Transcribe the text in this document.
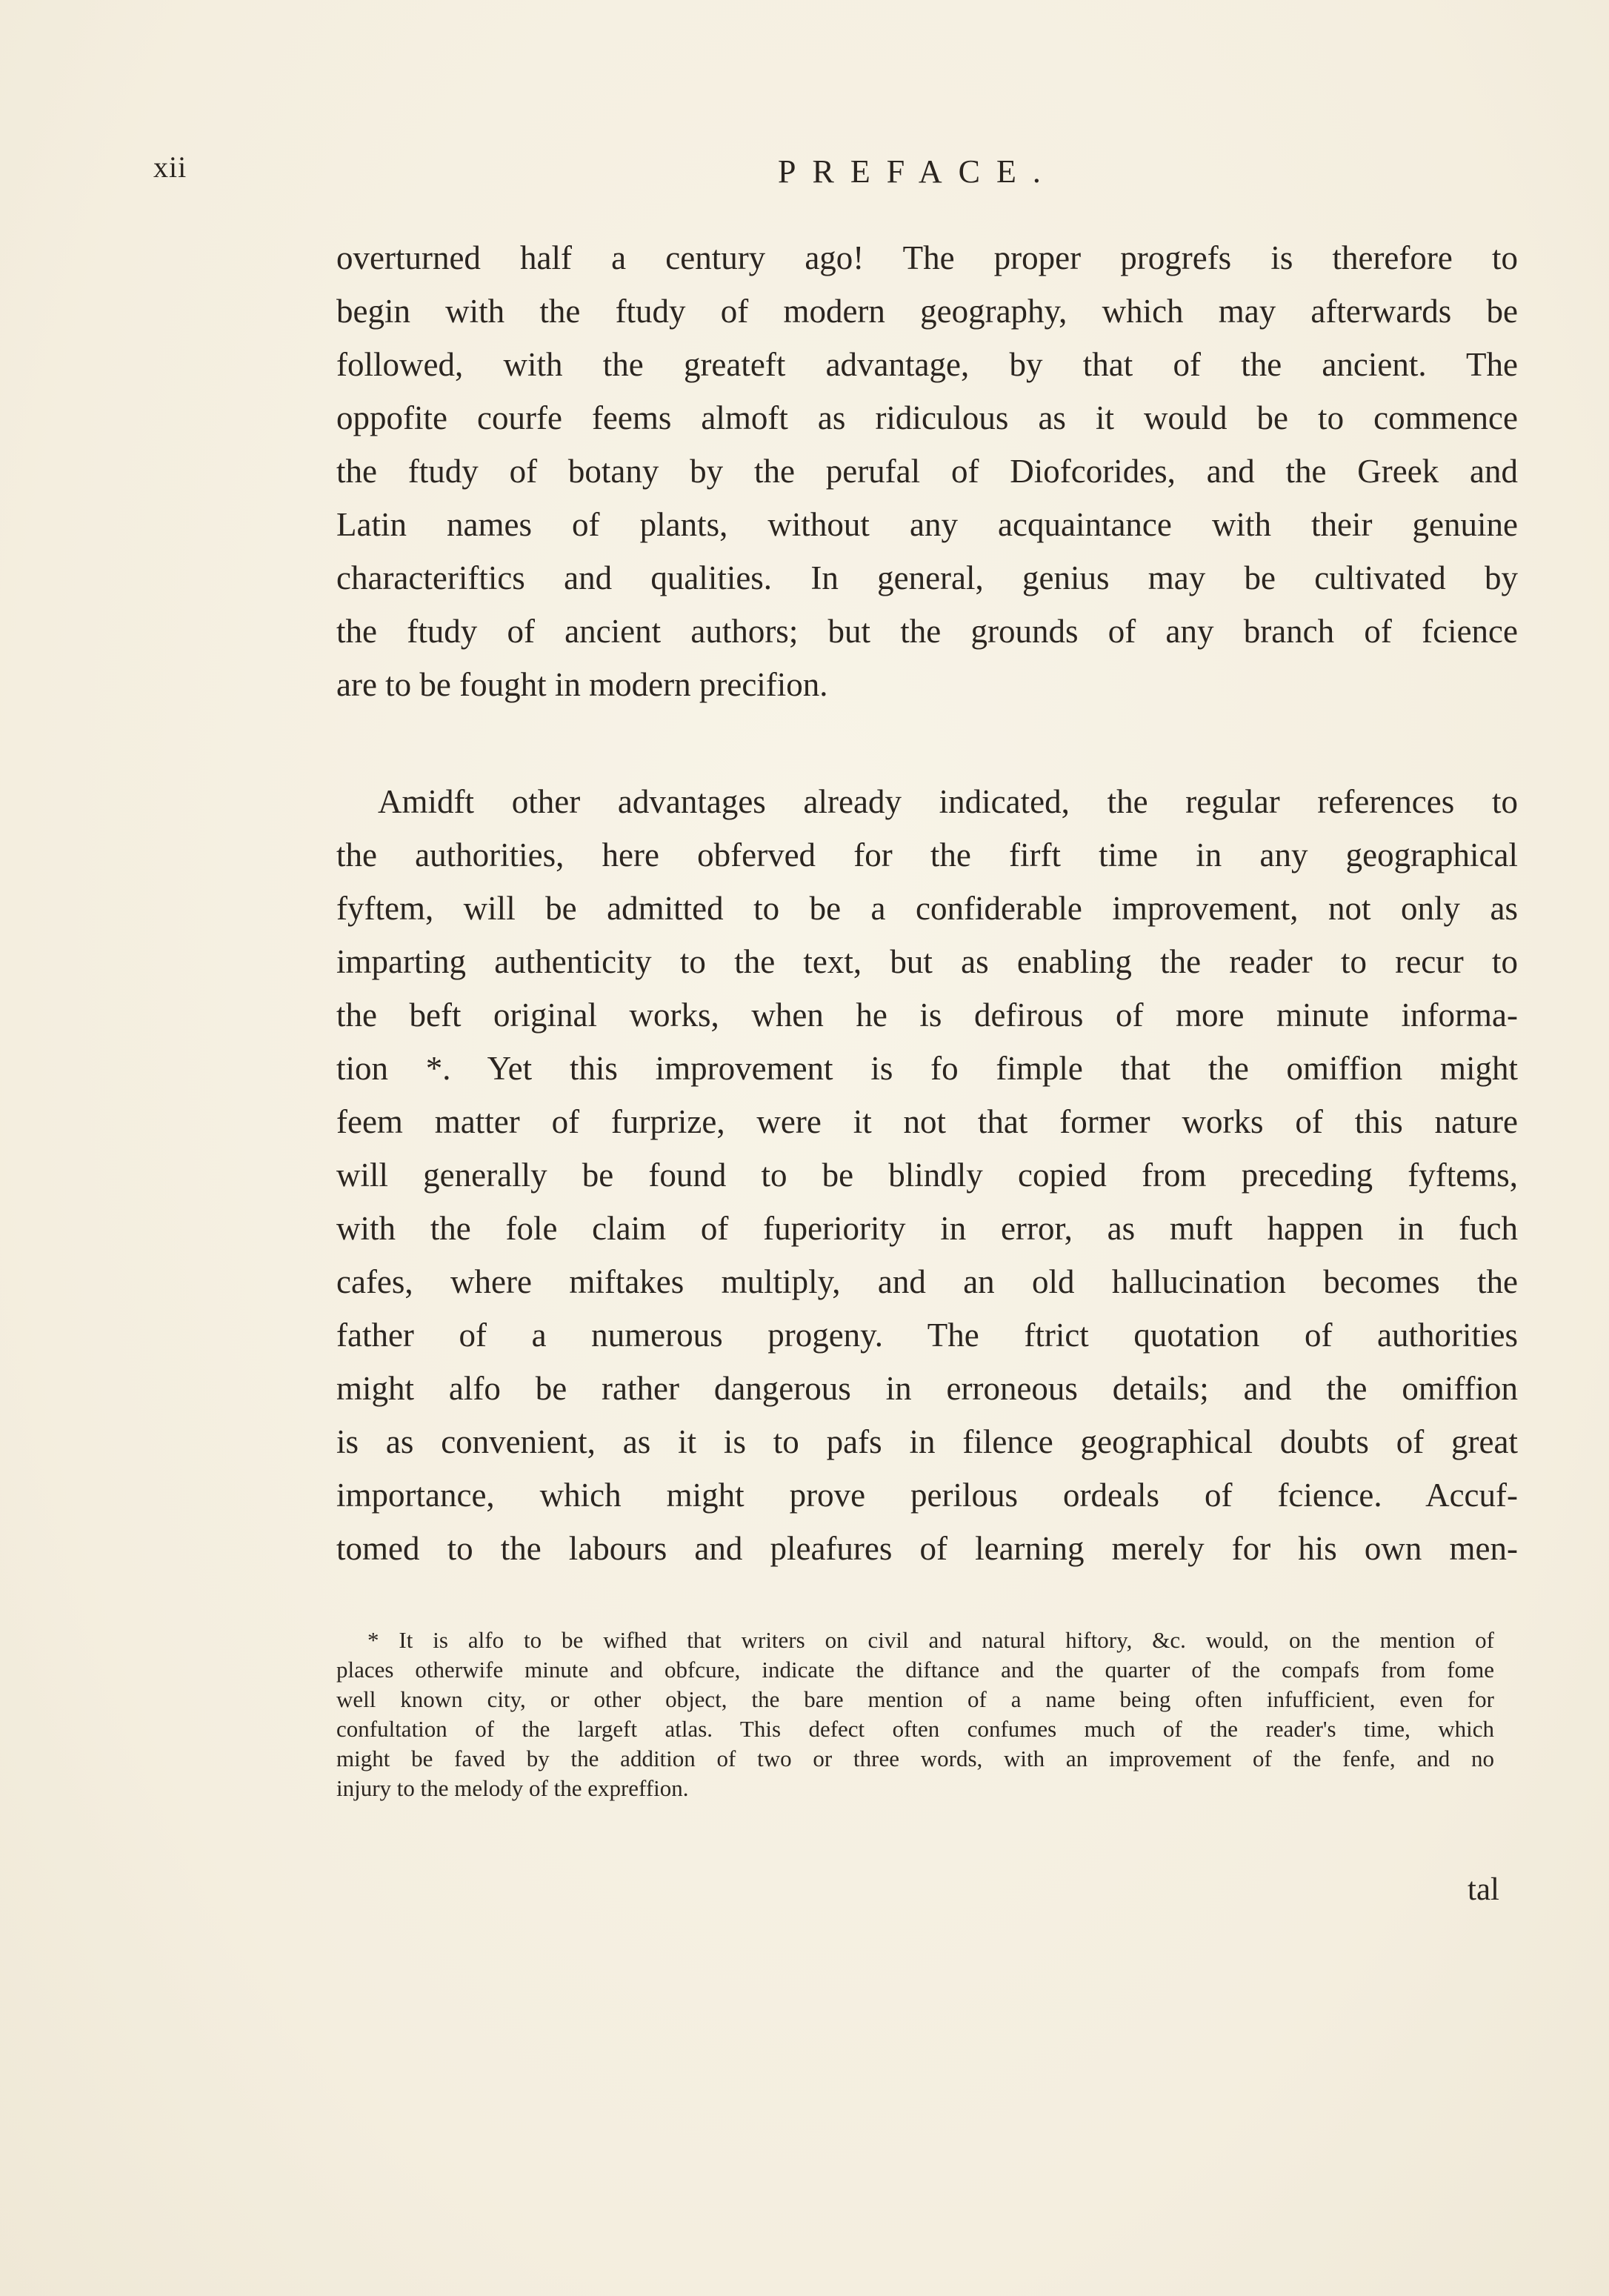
xii	PREFACE.
overturned half a century ago! The proper progrefs is therefore to
begin with the ftudy of modern geography, which may afterwards be
followed, with the greateft advantage, by that of the ancient. The
oppofite courfe feems almoft as ridiculous as it would be to commence
the ftudy of botany by the perufal of Diofcorides, and the Greek and
Latin names of plants, without any acquaintance with their genuine
characteriftics and qualities. In general, genius may be cultivated by
the ftudy of ancient authors; but the grounds of any branch of fcience
are to be fought in modern precifion.
Amidft other advantages already indicated, the regular references to
the authorities, here obferved for the firft time in any geographical
fyftem, will be admitted to be a confiderable improvement, not only as
imparting authenticity to the text, but as enabling the reader to recur to
the beft original works, when he is defirous of more minute informa-
tion *. Yet this improvement is fo fimple that the omiffion might
feem matter of furprize, were it not that former works of this nature
will generally be found to be blindly copied from preceding fyftems,
with the fole claim of fuperiority in error, as muft happen in fuch
cafes, where miftakes multiply, and an old hallucination becomes the
father of a numerous progeny. The ftrict quotation of authorities
might alfo be rather dangerous in erroneous details; and the omiffion
is as convenient, as it is to pafs in filence geographical doubts of great
importance, which might prove perilous ordeals of fcience. Accuf-
tomed to the labours and pleafures of learning merely for his own men-
* It is alfo to be wifhed that writers on civil and natural hiftory, &c. would, on the mention of
places otherwife minute and obfcure, indicate the diftance and the quarter of the compafs from fome
well known city, or other object, the bare mention of a name being often infufficient, even for
confultation of the largeft atlas. This defect often confumes much of the reader's time, which
might be faved by the addition of two or three words, with an improvement of the fenfe, and no
injury to the melody of the expreffion.
tal
